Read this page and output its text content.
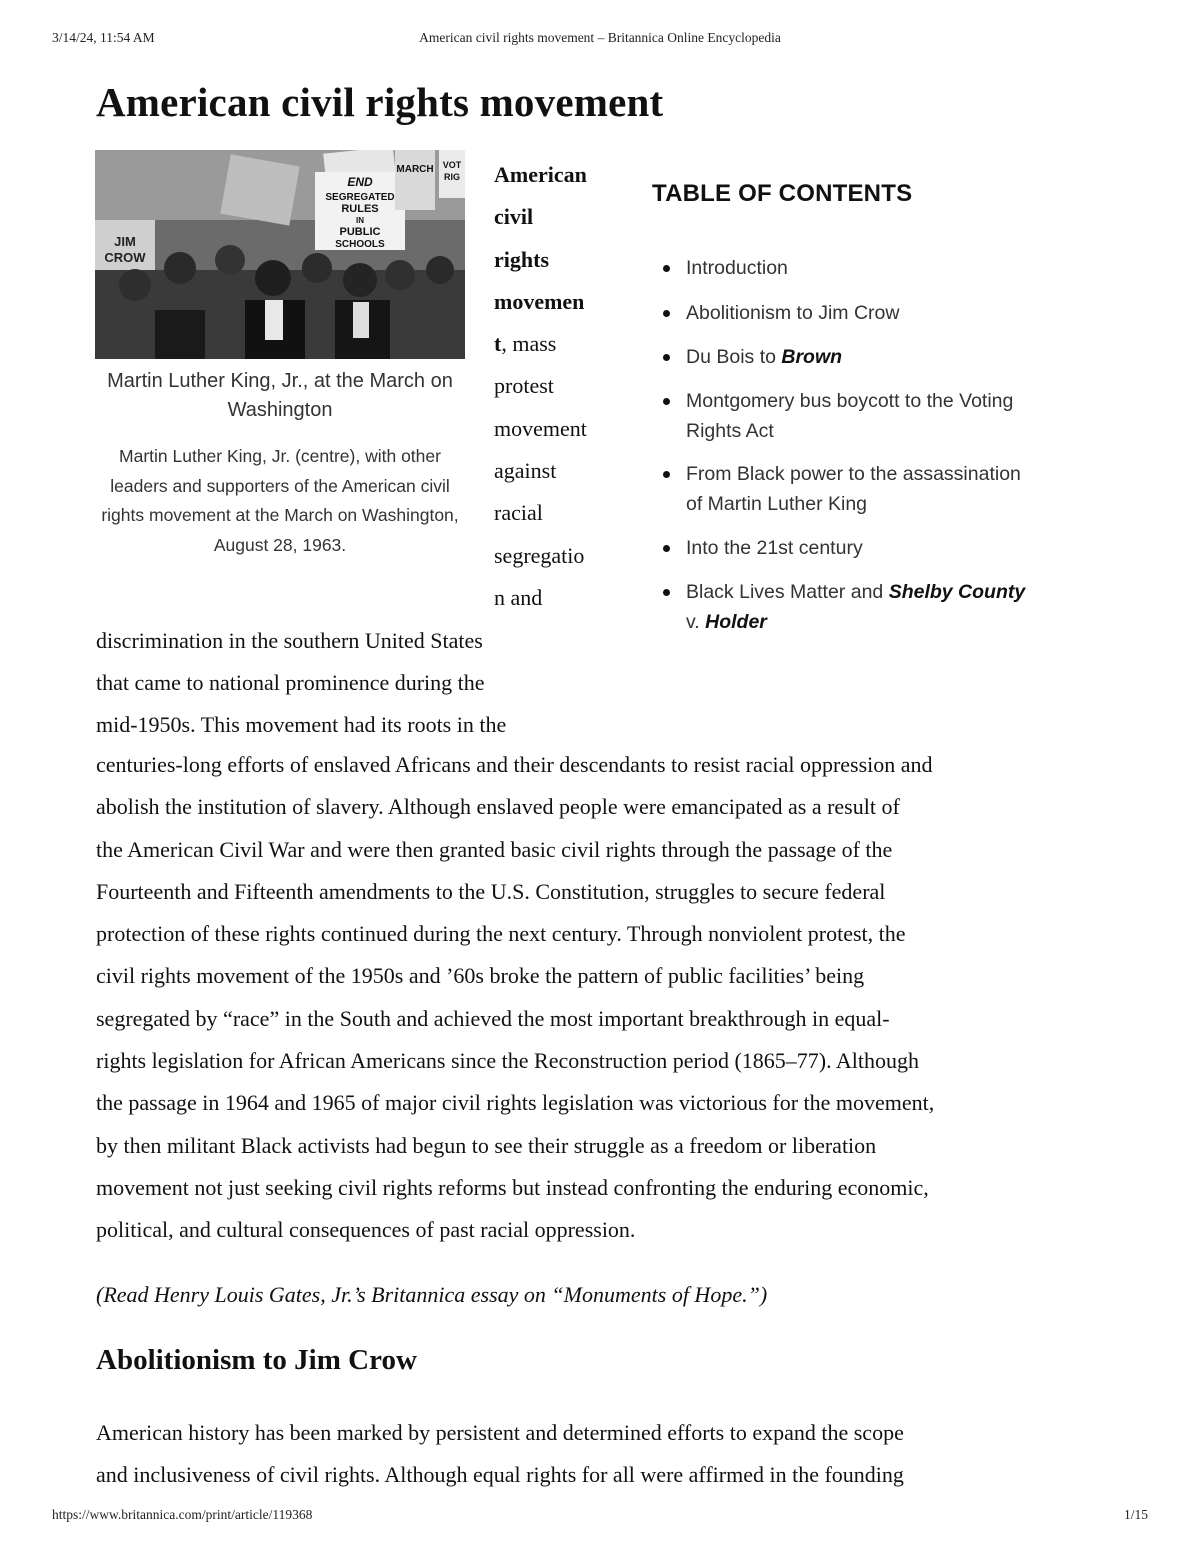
3/14/24, 11:54 AM	American civil rights movement – Britannica Online Encyclopedia
American civil rights movement
END
SEGREGATED
RULES
IN
PUBLIC
SCHOOLS
MARCH VOT
RIG
JIM
CROW
Martin Luther King, Jr., at the March on Washington
Martin Luther King, Jr. (centre), with other leaders and supporters of the American civil rights movement at the March on Washington, August 28, 1963.
American
civil
rights
movemen
t, mass
protest
movement
against
racial
segregatio
n and
TABLE OF CONTENTS
Introduction
Abolitionism to Jim Crow
Du Bois to Brown
Montgomery bus boycott to the Voting
Rights Act
From Black power to the assassination
of Martin Luther King
Into the 21st century
Black Lives Matter and Shelby County
v. Holder
discrimination in the southern United States
that came to national prominence during the
mid-1950s. This movement had its roots in the
centuries-long efforts of enslaved Africans and their descendants to resist racial oppression and
abolish the institution of slavery. Although enslaved people were emancipated as a result of
the American Civil War and were then granted basic civil rights through the passage of the
Fourteenth and Fifteenth amendments to the U.S. Constitution, struggles to secure federal
protection of these rights continued during the next century. Through nonviolent protest, the
civil rights movement of the 1950s and ’60s broke the pattern of public facilities’ being
segregated by “race” in the South and achieved the most important breakthrough in equal-
rights legislation for African Americans since the Reconstruction period (1865–77). Although
the passage in 1964 and 1965 of major civil rights legislation was victorious for the movement,
by then militant Black activists had begun to see their struggle as a freedom or liberation
movement not just seeking civil rights reforms but instead confronting the enduring economic,
political, and cultural consequences of past racial oppression.
(Read Henry Louis Gates, Jr.’s Britannica essay on “Monuments of Hope.”)
Abolitionism to Jim Crow
American history has been marked by persistent and determined efforts to expand the scope
and inclusiveness of civil rights. Although equal rights for all were affirmed in the founding
https://www.britannica.com/print/article/119368	1/15
